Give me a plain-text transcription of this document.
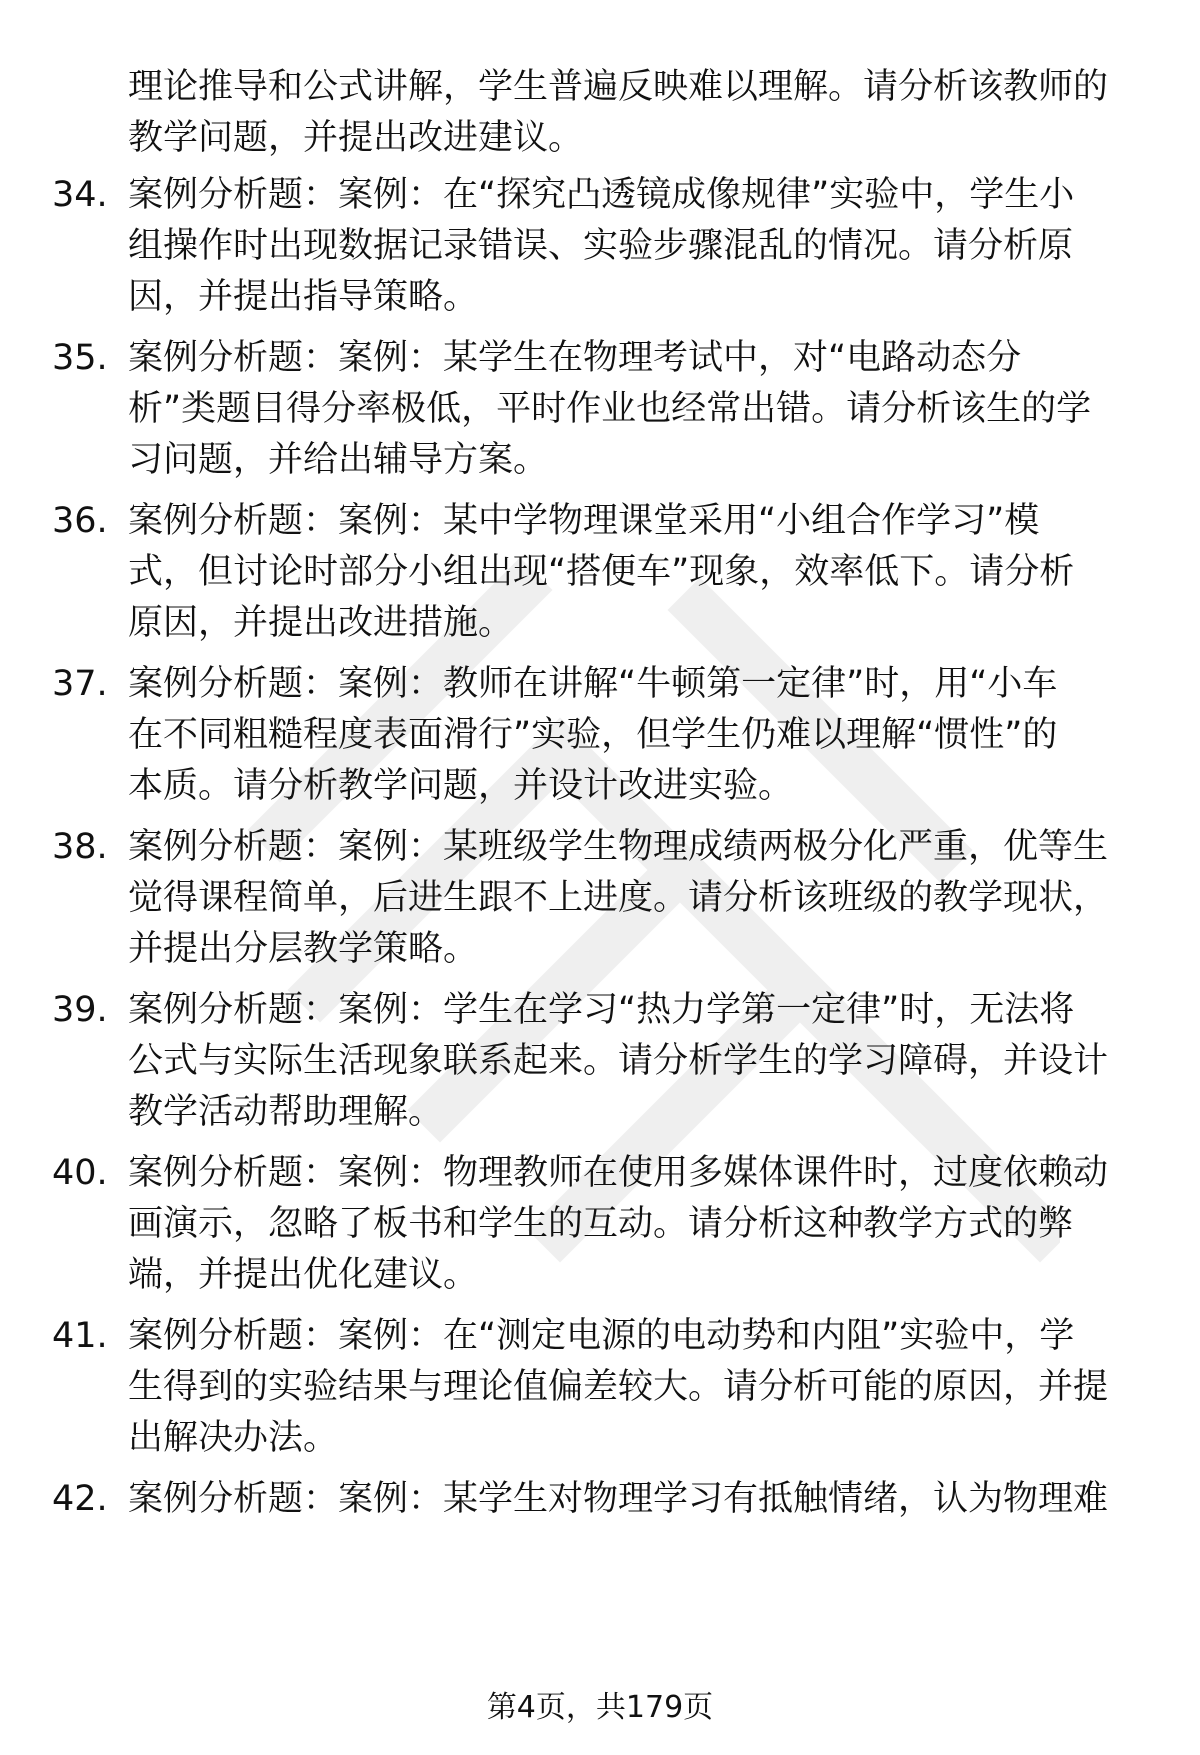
理论推导和公式讲解，学生普遍反映难以理解。请分析该教师的
教学问题，并提出改进建议。
34. 案例分析题：案例：在“探究凸透镜成像规律”实验中，学生小
组操作时出现数据记录错误、实验步骤混乱的情况。请分析原
因，并提出指导策略。
35. 案例分析题：案例：某学生在物理考试中，对“电路动态分
析”类题目得分率极低，平时作业也经常出错。请分析该生的学
习问题，并给出辅导方案。
36. 案例分析题：案例：某中学物理课堂采用“小组合作学习”模
式，但讨论时部分小组出现“搭便车”现象，效率低下。请分析
原因，并提出改进措施。
37. 案例分析题：案例：教师在讲解“牛顿第一定律”时，用“小车
在不同粗糙程度表面滑行”实验，但学生仍难以理解“惯性”的
本质。请分析教学问题，并设计改进实验。
38. 案例分析题：案例：某班级学生物理成绩两极分化严重，优等生
觉得课程简单，后进生跟不上进度。请分析该班级的教学现状，
并提出分层教学策略。
39. 案例分析题：案例：学生在学习“热力学第一定律”时，无法将
公式与实际生活现象联系起来。请分析学生的学习障碍，并设计
教学活动帮助理解。
40. 案例分析题：案例：物理教师在使用多媒体课件时，过度依赖动
画演示，忽略了板书和学生的互动。请分析这种教学方式的弊
端，并提出优化建议。
41. 案例分析题：案例：在“测定电源的电动势和内阻”实验中，学
生得到的实验结果与理论值偏差较大。请分析可能的原因，并提
出解决办法。
42. 案例分析题：案例：某学生对物理学习有抵触情绪，认为物理难
第4页，共179页
